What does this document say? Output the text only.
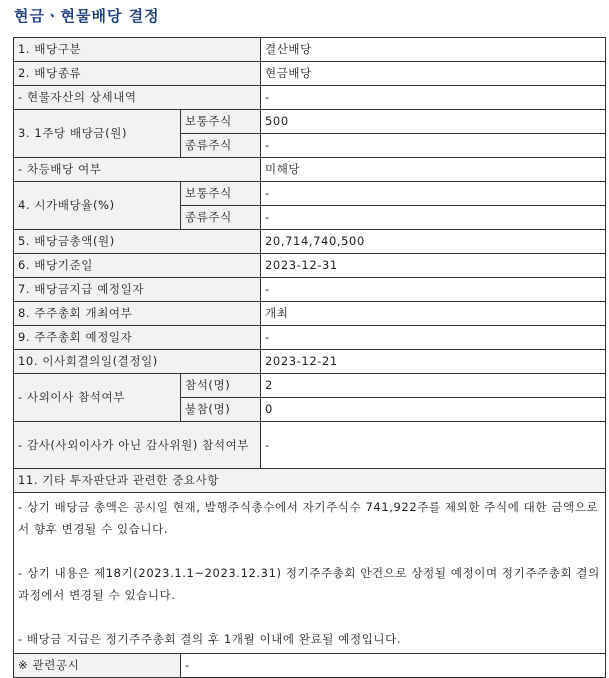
현금ㆍ현물배당 결정
1. 배당구분		결산배당
2. 배당종류		현금배당
- 현물자산의 상세내역		-
3. 1주당 배당금(원)	보통주식	500
	종류주식	-
- 차등배당 여부		미해당
4. 시가배당율(%)	보통주식	-
	종류주식	-
5. 배당금총액(원)		20,714,740,500
6. 배당기준일		2023-12-31
7. 배당금지급 예정일자		-
8. 주주총회 개최여부		개최
9. 주주총회 예정일자		-
10. 이사회결의일(결정일)		2023-12-21
- 사외이사 참석여부	참석(명)	2
	불참(명)	0
- 감사(사외이사가 아닌 감사위원) 참석여부		-
11. 기타 투자판단과 관련한 중요사항		

- 상기 배당금 총액은 공시일 현재, 발행주식총수에서 자기주식수 741,922주를 제외한 주식에 대한 금액으로서 향후 변경될 수 있습니다.

- 상기 내용은 제18기(2023.1.1~2023.12.31) 정기주주총회 안건으로 상정될 예정이며 정기주주총회 결의과정에서 변경될 수 있습니다.

- 배당금 지급은 정기주주총회 결의 후 1개월 이내에 완료될 예정입니다.		

※ 관련공시	-	
